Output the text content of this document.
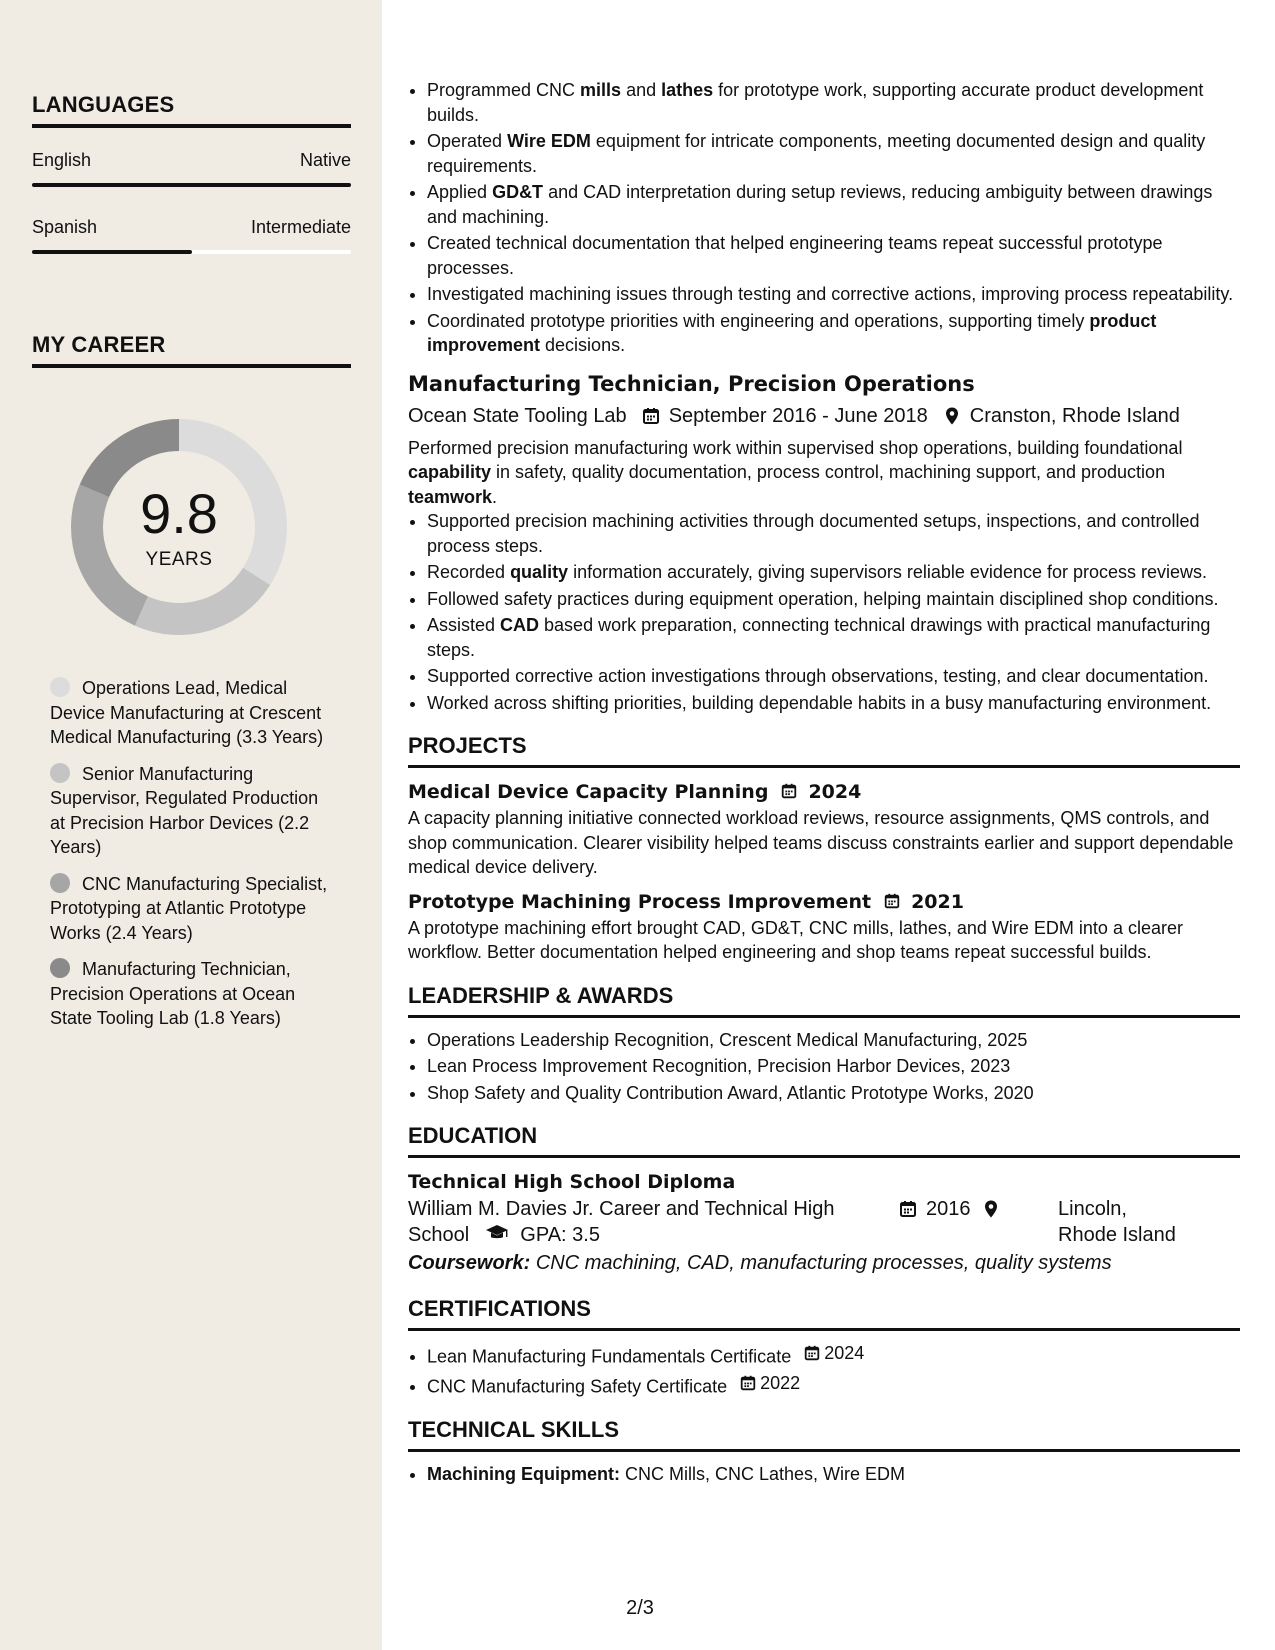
LANGUAGES
English	Native
Spanish	Intermediate
MY CAREER
9.8
YEARS
Operations Lead, Medical Device Manufacturing at Crescent Medical Manufacturing (3.3 Years)
Senior Manufacturing Supervisor, Regulated Production at Precision Harbor Devices (2.2 Years)
CNC Manufacturing Specialist, Prototyping at Atlantic Prototype Works (2.4 Years)
Manufacturing Technician, Precision Operations at Ocean State Tooling Lab (1.8 Years)
• Programmed CNC mills and lathes for prototype work, supporting accurate product development builds.
• Operated Wire EDM equipment for intricate components, meeting documented design and quality requirements.
• Applied GD&T and CAD interpretation during setup reviews, reducing ambiguity between drawings and machining.
• Created technical documentation that helped engineering teams repeat successful prototype processes.
• Investigated machining issues through testing and corrective actions, improving process repeatability.
• Coordinated prototype priorities with engineering and operations, supporting timely product improvement decisions.
Manufacturing Technician, Precision Operations
Ocean State Tooling Lab September 2016 - June 2018 Cranston, Rhode Island

Performed precision manufacturing work within supervised shop operations, building foundational capability in safety, quality documentation, process control, machining support, and production teamwork.

• Supported precision machining activities through documented setups, inspections, and controlled process steps.
• Recorded quality information accurately, giving supervisors reliable evidence for process reviews.
• Followed safety practices during equipment operation, helping maintain disciplined shop conditions.
• Assisted CAD based work preparation, connecting technical drawings with practical manufacturing steps.
• Supported corrective action investigations through observations, testing, and clear documentation.
• Worked across shifting priorities, building dependable habits in a busy manufacturing environment.
PROJECTS
Medical Device Capacity Planning 2024

A capacity planning initiative connected workload reviews, resource assignments, QMS controls, and shop communication. Clearer visibility helped teams discuss constraints earlier and support dependable medical device delivery.

Prototype Machining Process Improvement 2021

A prototype machining effort brought CAD, GD&T, CNC mills, lathes, and Wire EDM into a clearer workflow. Better documentation helped engineering and shop teams repeat successful builds.

LEADERSHIP & AWARDS
• Operations Leadership Recognition, Crescent Medical Manufacturing, 2025
• Lean Process Improvement Recognition, Precision Harbor Devices, 2023
• Shop Safety and Quality Contribution Award, Atlantic Prototype Works, 2020
EDUCATION
Technical High School Diploma
William M. Davies Jr. Career and Technical High School	GPA: 3.5
2016	Lincoln, Rhode Island
Coursework: CNC machining, CAD, manufacturing processes, quality systems
CERTIFICATIONS
• Lean Manufacturing Fundamentals Certificate 2024
• CNC Manufacturing Safety Certificate 2022
TECHNICAL SKILLS
• Machining Equipment: CNC Mills, CNC Lathes, Wire EDM
2/3
